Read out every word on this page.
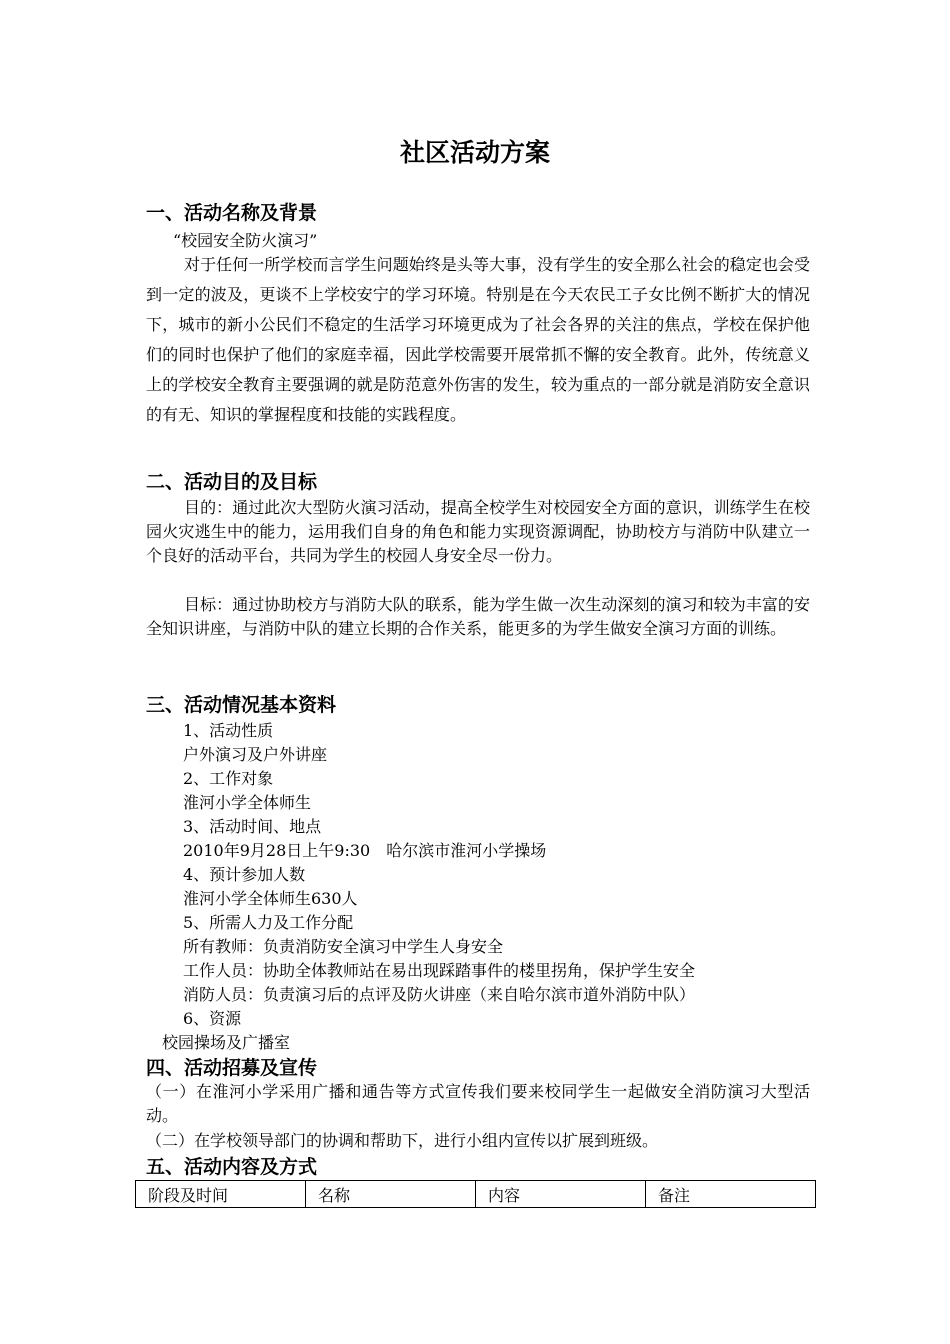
社区活动方案
一、活动名称及背景
“校园安全防火演习”
对于任何一所学校而言学生问题始终是头等大事，没有学生的安全那么社会的稳定也会受到一定的波及，更谈不上学校安宁的学习环境。特别是在今天农民工子女比例不断扩大的情况下，城市的新小公民们不稳定的生活学习环境更成为了社会各界的关注的焦点，学校在保护他们的同时也保护了他们的家庭幸福，因此学校需要开展常抓不懈的安全教育。此外，传统意义上的学校安全教育主要强调的就是防范意外伤害的发生，较为重点的一部分就是消防安全意识的有无、知识的掌握程度和技能的实践程度。
二、活动目的及目标
目的：通过此次大型防火演习活动，提高全校学生对校园安全方面的意识，训练学生在校园火灾逃生中的能力，运用我们自身的角色和能力实现资源调配，协助校方与消防中队建立一个良好的活动平台，共同为学生的校园人身安全尽一份力。
目标：通过协助校方与消防大队的联系，能为学生做一次生动深刻的演习和较为丰富的安全知识讲座，与消防中队的建立长期的合作关系，能更多的为学生做安全演习方面的训练。
三、活动情况基本资料
1、活动性质
户外演习及户外讲座
2、工作对象
淮河小学全体师生
3、活动时间、地点
2010年9月28日上午9:30　哈尔滨市淮河小学操场
4、预计参加人数
淮河小学全体师生630人
5、所需人力及工作分配
所有教师：负责消防安全演习中学生人身安全
工作人员：协助全体教师站在易出现踩踏事件的楼里拐角，保护学生安全
消防人员：负责演习后的点评及防火讲座（来自哈尔滨市道外消防中队）
6、资源
校园操场及广播室
四、活动招募及宣传
（一）在淮河小学采用广播和通告等方式宣传我们要来校同学生一起做安全消防演习大型活动。
（二）在学校领导部门的协调和帮助下，进行小组内宣传以扩展到班级。
五、活动内容及方式
阶段及时间	名称	内容	备注
